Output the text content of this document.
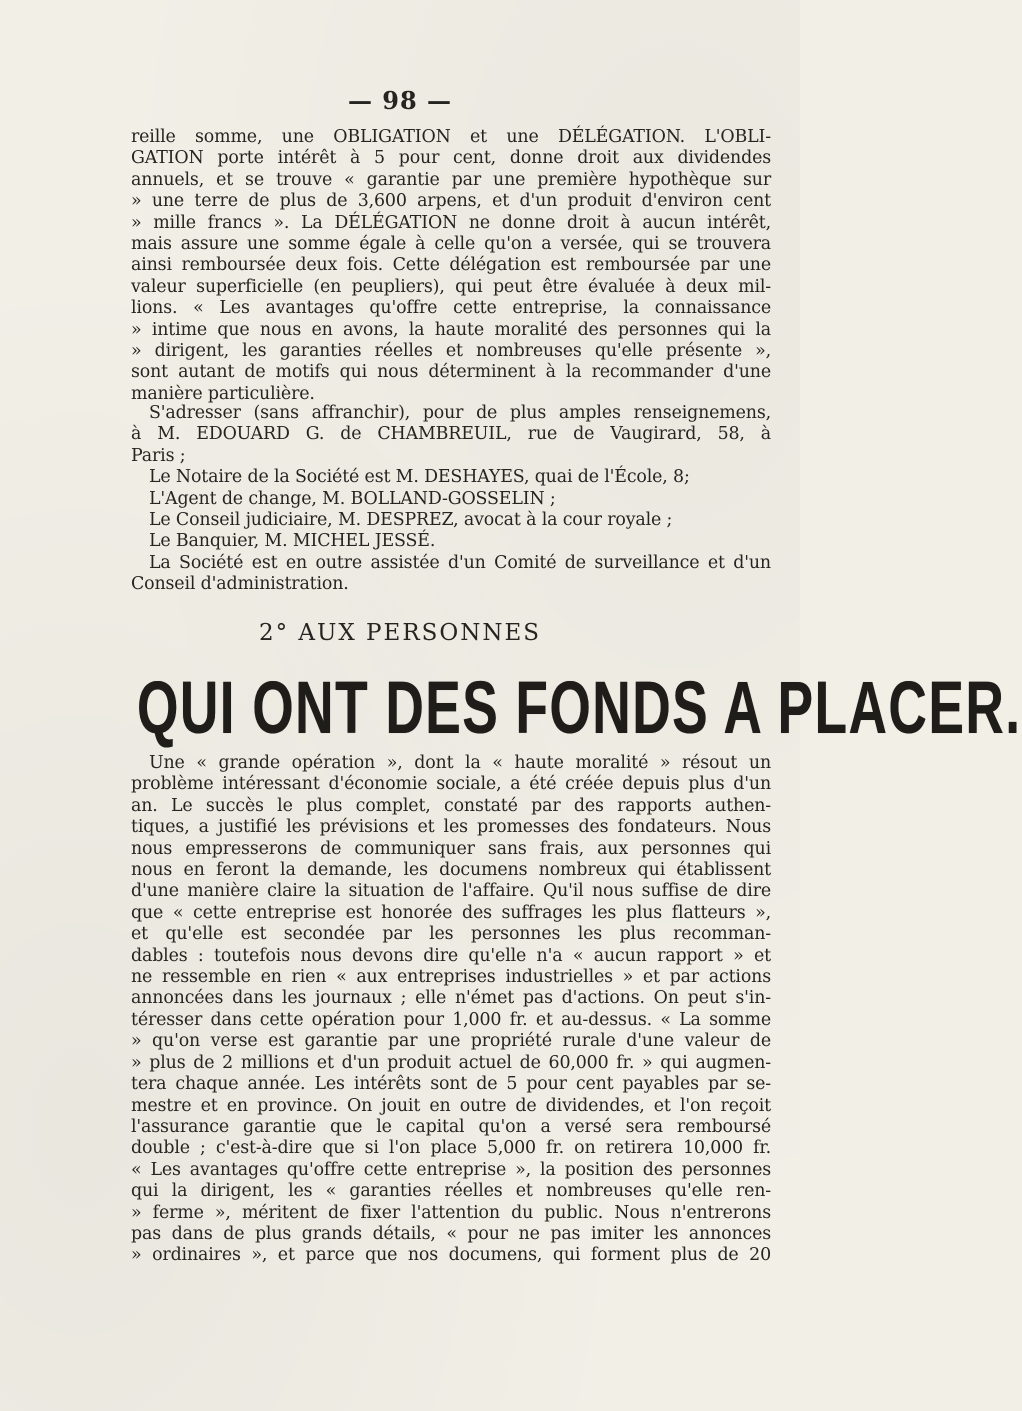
— 98 —
reille somme, une OBLIGATION et une DÉLÉGATION. L'OBLI-
GATION porte intérêt à 5 pour cent, donne droit aux dividendes
annuels, et se trouve « garantie par une première hypothèque sur
» une terre de plus de 3,600 arpens, et d'un produit d'environ cent
» mille francs ». La DÉLÉGATION ne donne droit à aucun intérêt,
mais assure une somme égale à celle qu'on a versée, qui se trouvera
ainsi remboursée deux fois. Cette délégation est remboursée par une
valeur superficielle (en peupliers), qui peut être évaluée à deux mil-
lions. « Les avantages qu'offre cette entreprise, la connaissance
» intime que nous en avons, la haute moralité des personnes qui la
» dirigent, les garanties réelles et nombreuses qu'elle présente »,
sont autant de motifs qui nous déterminent à la recommander d'une
manière particulière.
S'adresser (sans affranchir), pour de plus amples renseignemens,
à M. EDOUARD G. de CHAMBREUIL, rue de Vaugirard, 58, à
Paris ;
Le Notaire de la Société est M. DESHAYES, quai de l'École, 8;
L'Agent de change, M. BOLLAND-GOSSELIN ;
Le Conseil judiciaire, M. DESPREZ, avocat à la cour royale ;
Le Banquier, M. MICHEL JESSÉ.
La Société est en outre assistée d'un Comité de surveillance et d'un
Conseil d'administration.
2° AUX PERSONNES
QUI ONT DES FONDS A PLACER.
Une « grande opération », dont la « haute moralité » résout un
problème intéressant d'économie sociale, a été créée depuis plus d'un
an. Le succès le plus complet, constaté par des rapports authen-
tiques, a justifié les prévisions et les promesses des fondateurs. Nous
nous empresserons de communiquer sans frais, aux personnes qui
nous en feront la demande, les documens nombreux qui établissent
d'une manière claire la situation de l'affaire. Qu'il nous suffise de dire
que « cette entreprise est honorée des suffrages les plus flatteurs »,
et qu'elle est secondée par les personnes les plus recomman-
dables : toutefois nous devons dire qu'elle n'a « aucun rapport » et
ne ressemble en rien « aux entreprises industrielles » et par actions
annoncées dans les journaux ; elle n'émet pas d'actions. On peut s'in-
téresser dans cette opération pour 1,000 fr. et au-dessus. « La somme
» qu'on verse est garantie par une propriété rurale d'une valeur de
» plus de 2 millions et d'un produit actuel de 60,000 fr. » qui augmen-
tera chaque année. Les intérêts sont de 5 pour cent payables par se-
mestre et en province. On jouit en outre de dividendes, et l'on reçoit
l'assurance garantie que le capital qu'on a versé sera remboursé
double ; c'est-à-dire que si l'on place 5,000 fr. on retirera 10,000 fr.
« Les avantages qu'offre cette entreprise », la position des personnes
qui la dirigent, les « garanties réelles et nombreuses qu'elle ren-
» ferme », méritent de fixer l'attention du public. Nous n'entrerons
pas dans de plus grands détails, « pour ne pas imiter les annonces
» ordinaires », et parce que nos documens, qui forment plus de 20
